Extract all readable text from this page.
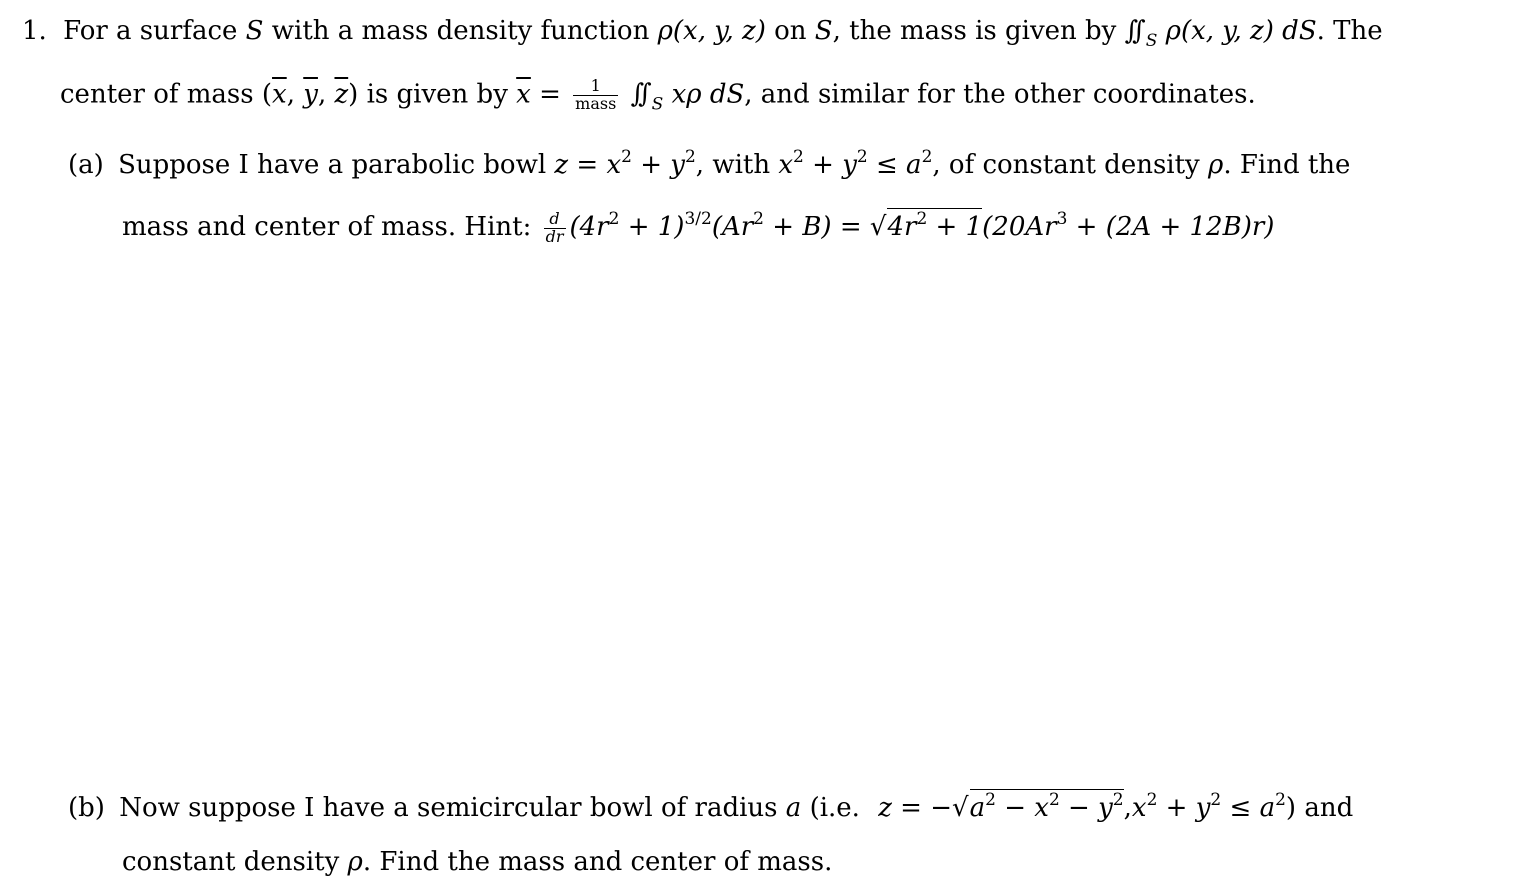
1. For a surface S with a mass density function ρ(x, y, z) on S, the mass is given by ∫∫ $_S$ ρ(x, y, z) dS. The
center of mass ($\overline{x}$, $\overline{y}$, $\overline{z}$) is given by $\overline{x} = \frac{1}{\text{mass}}$ ∫∫ $_S$ xρ dS, and similar for the other coordinates.
(a) Suppose I have a parabolic bowl $z = x^2 + y^2$, with $x^2 + y^2 \le a^2$, of constant density ρ. Find the
mass and center of mass. Hint: $\frac{d}{dr} (4r^2 + 1)^{3/2}(Ar^2 + B) = √4r^2 + 1(20Ar^3 + (2A + 12B)r)$
(b) Now suppose I have a semicircular bowl of radius a (i.e. $z = -√a^2 - x^2 - y^2,x^2 + y^2 \le a^2$) and
constant density ρ. Find the mass and center of mass.
